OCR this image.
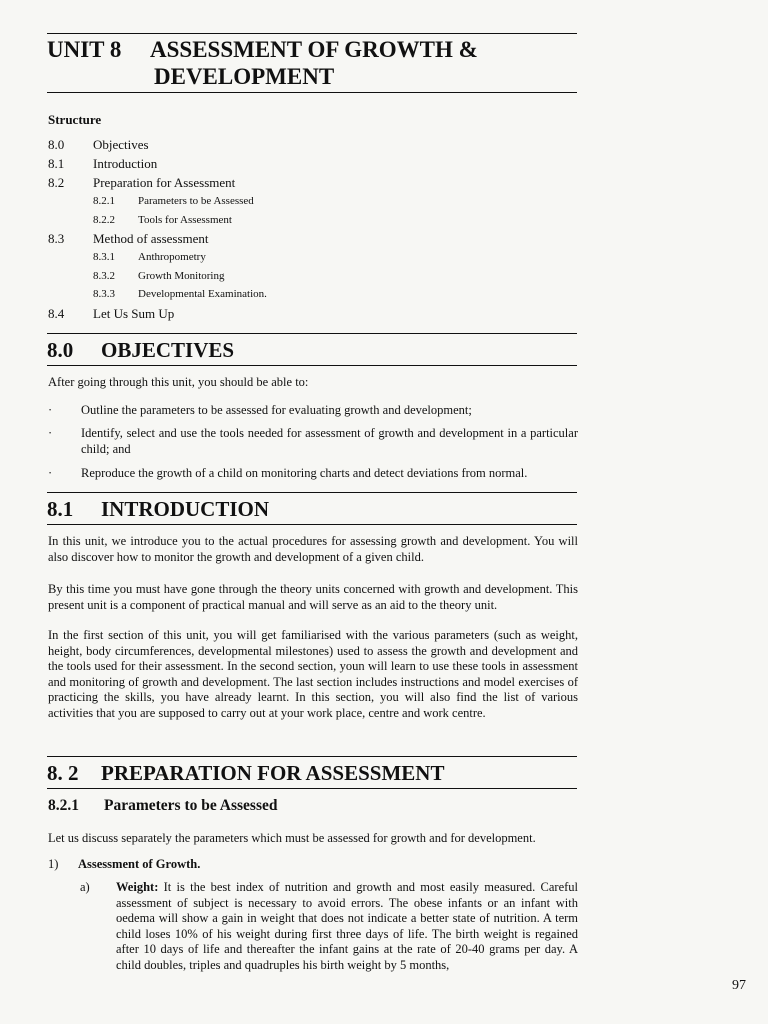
UNIT 8 ASSESSMENT OF GROWTH &

DEVELOPMENT
Structure
8.0 Objectives
8.1 Introduction
8.2 Preparation for Assessment
8.2.1 Parameters to be Assessed
8.2.2 Tools for Assessment
8.3 Method of assessment
8.3.1 Anthropometry
8.3.2 Growth Monitoring
8.3.3 Developmental Examination.
8.4 Let Us Sum Up
8.0 OBJECTIVES
After going through this unit, you should be able to:
· Outline the parameters to be assessed for evaluating growth and development;
· Identify, select and use the tools needed for assessment of growth and development in a particular child; and
· Reproduce the growth of a child on monitoring charts and detect deviations from normal.
8.1 INTRODUCTION
In this unit, we introduce you to the actual procedures for assessing growth and development. You will also discover how to monitor the growth and development of a given child.
By this time you must have gone through the theory units concerned with growth and development. This present unit is a component of practical manual and will serve as an aid to the theory unit.
In the first section of this unit, you will get familiarised with the various parameters (such as weight, height, body circumferences, developmental milestones) used to assess the growth and development and the tools used for their assessment. In the second section, youn will learn to use these tools in assessment and monitoring of growth and development. The last section includes instructions and model exercises of practicing the skills, you have already learnt. In this section, you will also find the list of various activities that you are supposed to carry out at your work place, centre and work centre.
8. 2 PREPARATION FOR ASSESSMENT
8.2.1 Parameters to be Assessed
Let us discuss separately the parameters which must be assessed for growth and for development.
1) Assessment of Growth.
a) Weight: It is the best index of nutrition and growth and most easily measured. Careful assessment of subject is necessary to avoid errors. The obese infants or an infant with oedema will show a gain in weight that does not indicate a better state of nutrition. A term child loses 10% of his weight during first three days of life. The birth weight is regained after 10 days of life and thereafter the infant gains at the rate of 20-40 grams per day. A child doubles, triples and quadruples his birth weight by 5 months,
97
